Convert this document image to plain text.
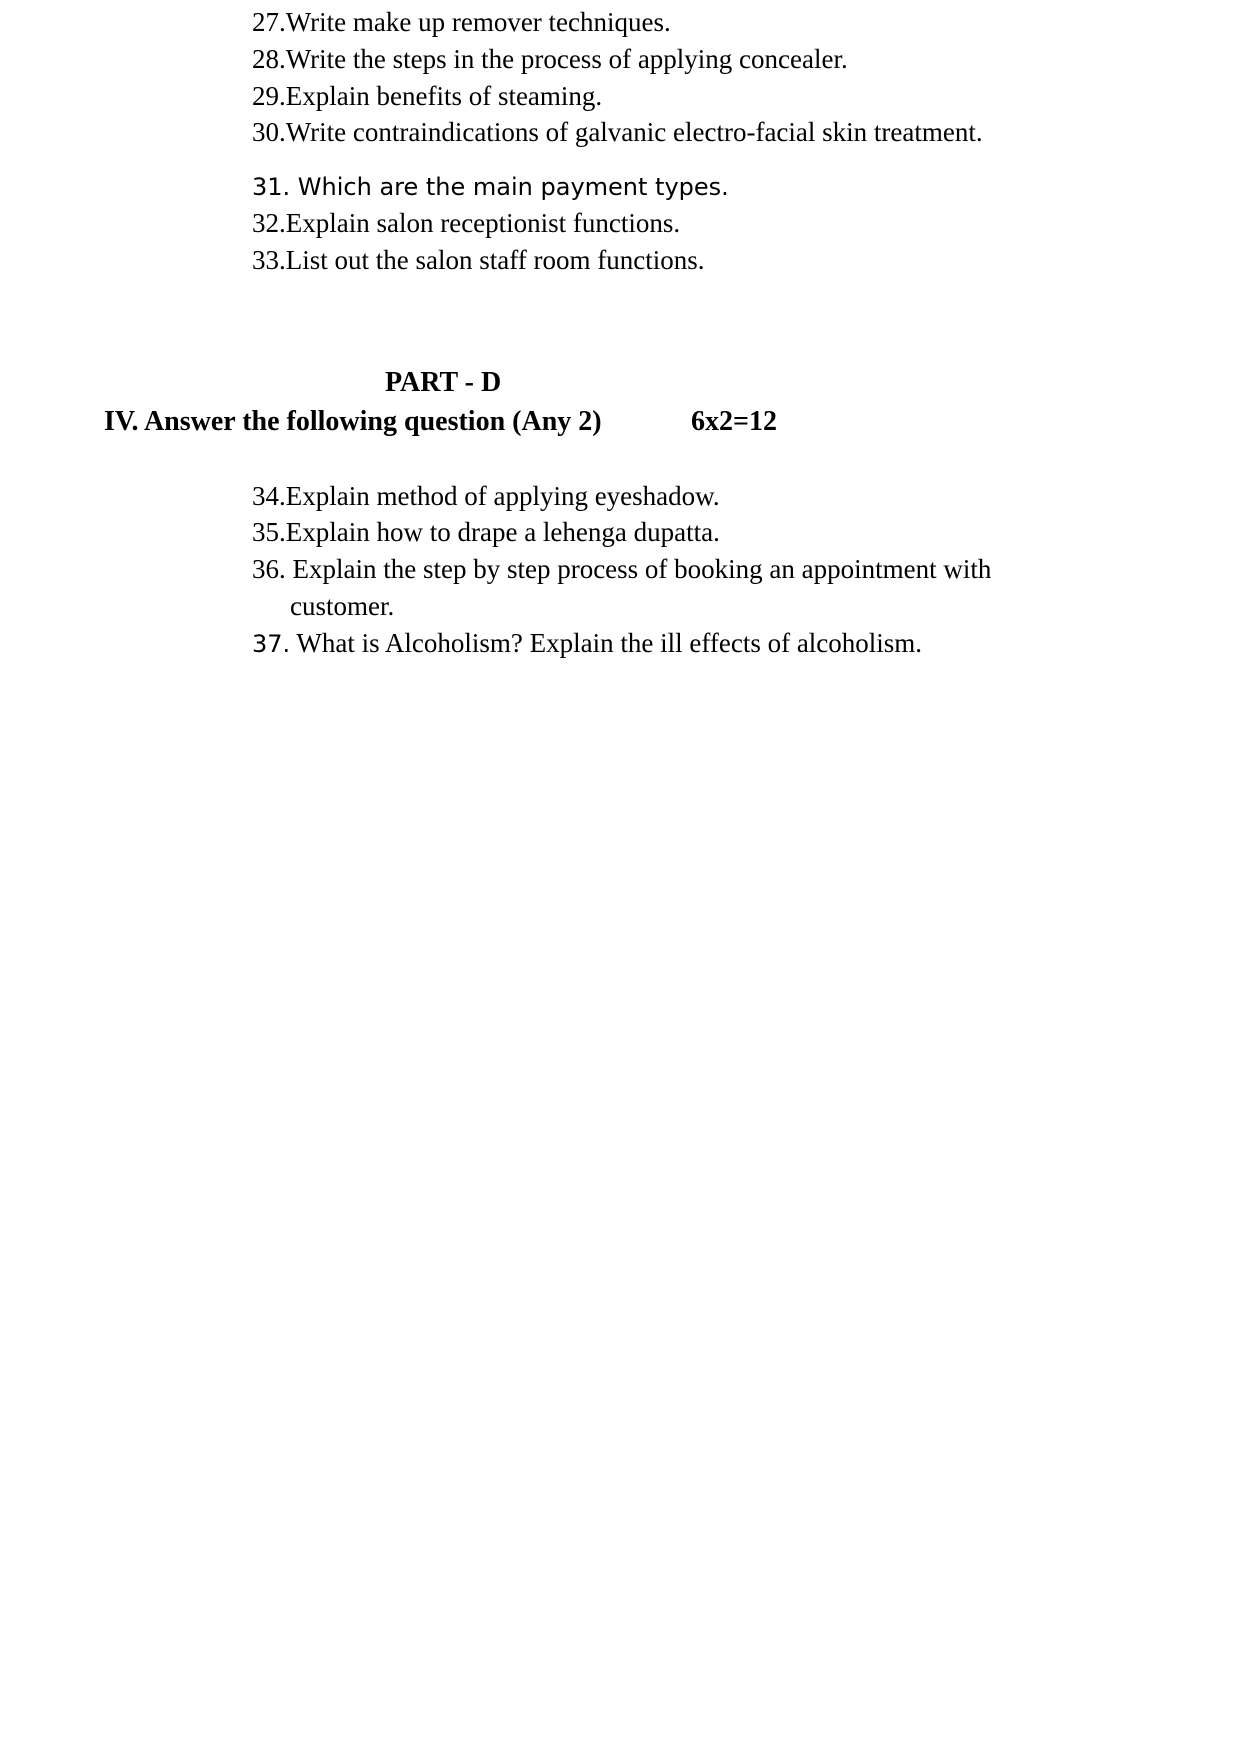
27.Write make up remover techniques.
28.Write the steps in the process of applying concealer.
29.Explain benefits of steaming.
30.Write contraindications of galvanic electro-facial skin treatment.
31. Which are the main payment types.
32.Explain salon receptionist functions.
33.List out the salon staff room functions.
PART - D
IV. Answer the following question (Any 2)	6x2=12
34.Explain method of applying eyeshadow.
35.Explain how to drape a lehenga dupatta.
36. Explain the step by step process of booking an appointment with
customer.
37. What is Alcoholism? Explain the ill effects of alcoholism.
